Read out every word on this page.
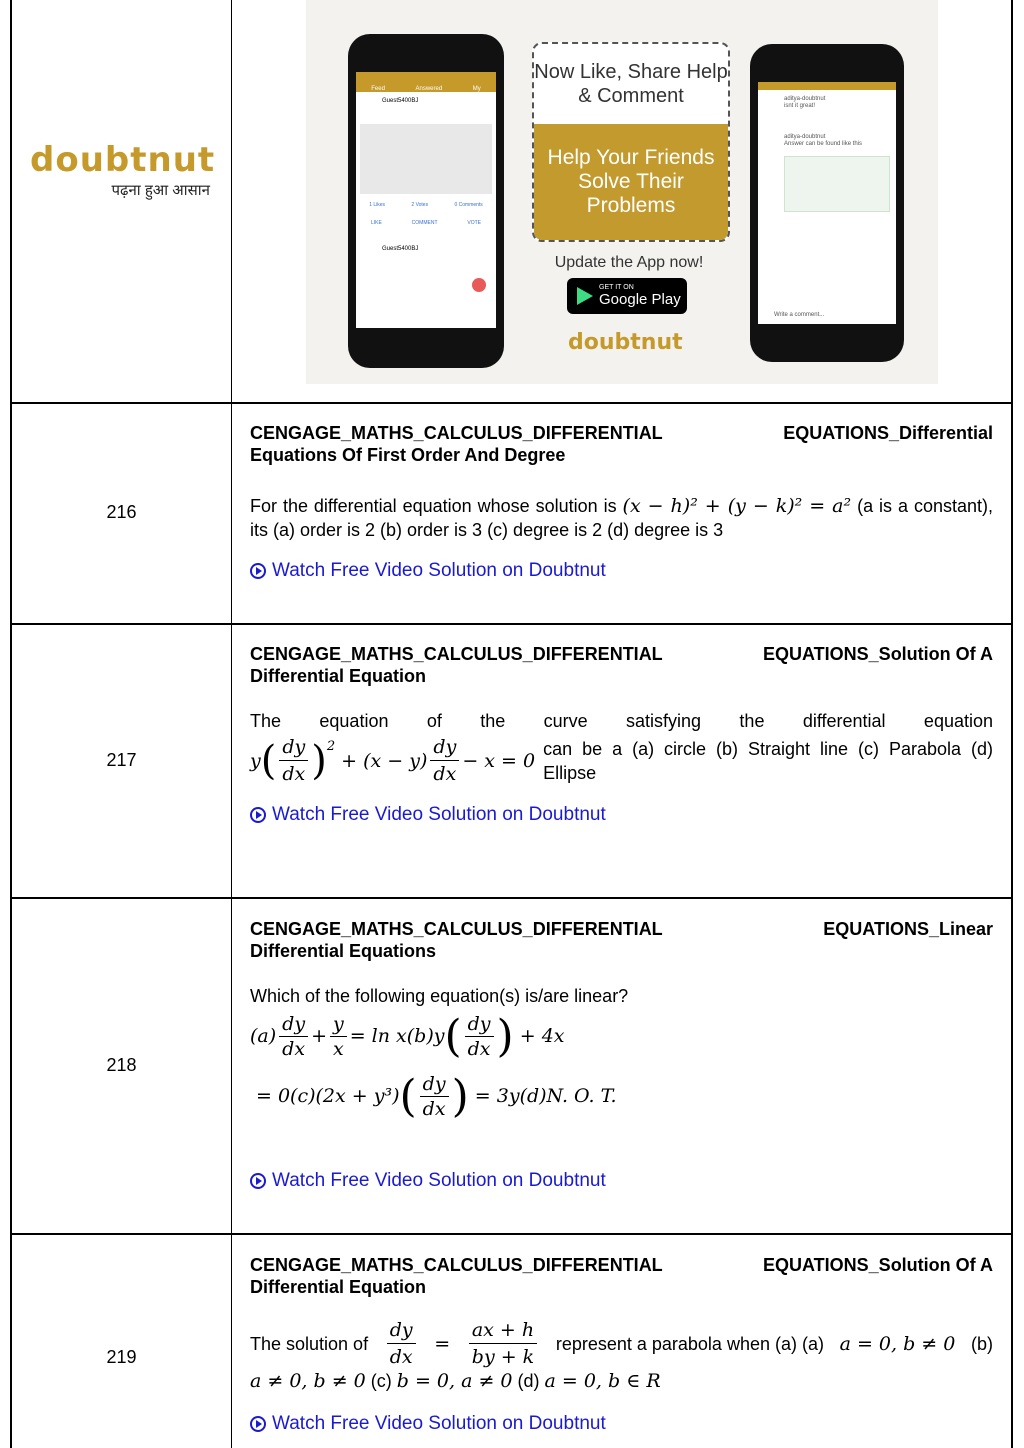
doubtnut
पढ़ना हुआ आसान
Feed	Answered	My
Guest5400BJ
1 Likes	2 Votes	0 Comments
LIKE	COMMENT	VOTE
Guest5400BJ
Now Like, Share Help & Comment
Help Your Friends Solve Their Problems
Update the App now!
GET IT ON
Google Play
doubtnut
aditya-doubtnut
isnt it great!
aditya-doubtnut
Answer can be found like this
Write a comment...
216
CENGAGE_MATHS_CALCULUS_DIFFERENTIAL	EQUATIONS_Differential
Equations Of First Order And Degree
For the differential equation whose solution is (x − h)² + (y − k)² = a² (a is a constant), its (a) order is 2 (b) order is 3 (c) degree is 2 (d) degree is 3
Watch Free Video Solution on Doubtnut
217
CENGAGE_MATHS_CALCULUS_DIFFERENTIAL	EQUATIONS_Solution Of A
Differential Equation
The equation of the curve satisfying the differential equation
y ( $\frac{dy}{dx} )^2$
+ $(x - y) \frac{dy}{dx} - x = 0$
can be a (a) circle (b) Straight line (c) Parabola (d) Ellipse
Watch Free Video Solution on Doubtnut
218
CENGAGE_MATHS_CALCULUS_DIFFERENTIAL	EQUATIONS_Linear
Differential Equations
Which of the following equation(s) is/are linear?
$(a) \frac{dy}{dx} + \frac{y}{x} = \ln x(b)y$ ( $\frac{dy}{dx}$ ) + 4x
= 0(c)(2x + y³) ( $\frac{dy}{dx}$ ) = 3y(d)N. O. T.
Watch Free Video Solution on Doubtnut
219
CENGAGE_MATHS_CALCULUS_DIFFERENTIAL	EQUATIONS_Solution Of A
Differential Equation
The solution of $\frac{dy}{dx} = \frac{ax + h}{by + k}$ represent a parabola when (a) (a) a = 0, b ≠ 0 (b)
a ≠ 0, b ≠ 0 (c) b = 0, a ≠ 0 (d) a = 0, b ∈ R
Watch Free Video Solution on Doubtnut
